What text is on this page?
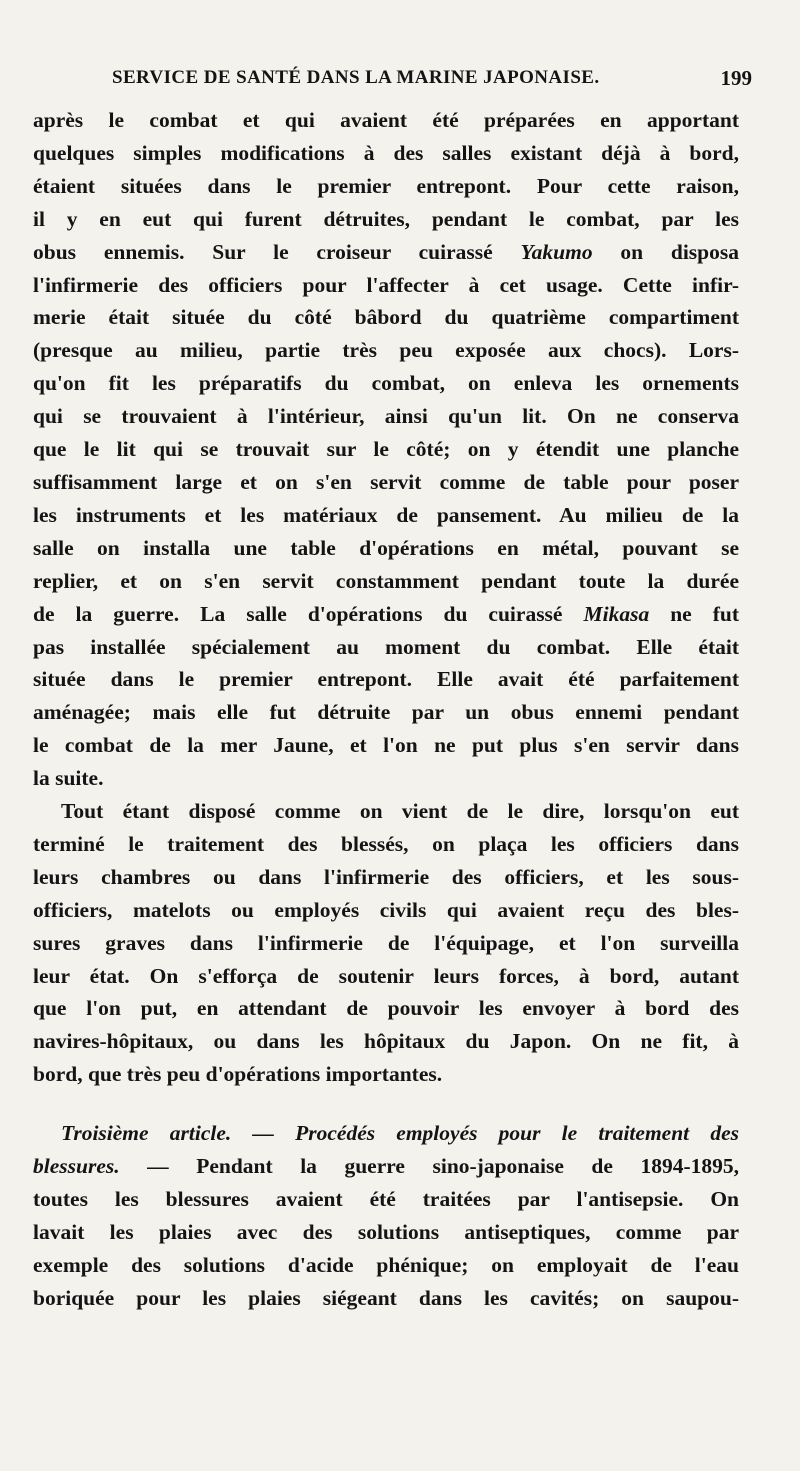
SERVICE DE SANTÉ DANS LA MARINE JAPONAISE.	199

après le combat et qui avaient été préparées en apportant
quelques simples modifications à des salles existant déjà à bord,
étaient situées dans le premier entrepont. Pour cette raison,
il y en eut qui furent détruites, pendant le combat, par les
obus ennemis. Sur le croiseur cuirassé Yakumo on disposa
l'infirmerie des officiers pour l'affecter à cet usage. Cette infir-
merie était située du côté bâbord du quatrième compartiment
(presque au milieu, partie très peu exposée aux chocs). Lors-
qu'on fit les préparatifs du combat, on enleva les ornements
qui se trouvaient à l'intérieur, ainsi qu'un lit. On ne conserva
que le lit qui se trouvait sur le côté; on y étendit une planche
suffisamment large et on s'en servit comme de table pour poser
les instruments et les matériaux de pansement. Au milieu de la
salle on installa une table d'opérations en métal, pouvant se
replier, et on s'en servit constamment pendant toute la durée
de la guerre. La salle d'opérations du cuirassé Mikasa ne fut
pas installée spécialement au moment du combat. Elle était
située dans le premier entrepont. Elle avait été parfaitement
aménagée; mais elle fut détruite par un obus ennemi pendant
le combat de la mer Jaune, et l'on ne put plus s'en servir dans
la suite.

Tout étant disposé comme on vient de le dire, lorsqu'on eut
terminé le traitement des blessés, on plaça les officiers dans
leurs chambres ou dans l'infirmerie des officiers, et les sous-
officiers, matelots ou employés civils qui avaient reçu des bles-
sures graves dans l'infirmerie de l'équipage, et l'on surveilla
leur état. On s'efforça de soutenir leurs forces, à bord, autant
que l'on put, en attendant de pouvoir les envoyer à bord des
navires-hôpitaux, ou dans les hôpitaux du Japon. On ne fit, à
bord, que très peu d'opérations importantes.

Troisième article. — Procédés employés pour le traitement des
blessures. — Pendant la guerre sino-japonaise de 1894-1895,
toutes les blessures avaient été traitées par l'antisepsie. On
lavait les plaies avec des solutions antiseptiques, comme par
exemple des solutions d'acide phénique; on employait de l'eau
boriquée pour les plaies siégeant dans les cavités; on saupou-
